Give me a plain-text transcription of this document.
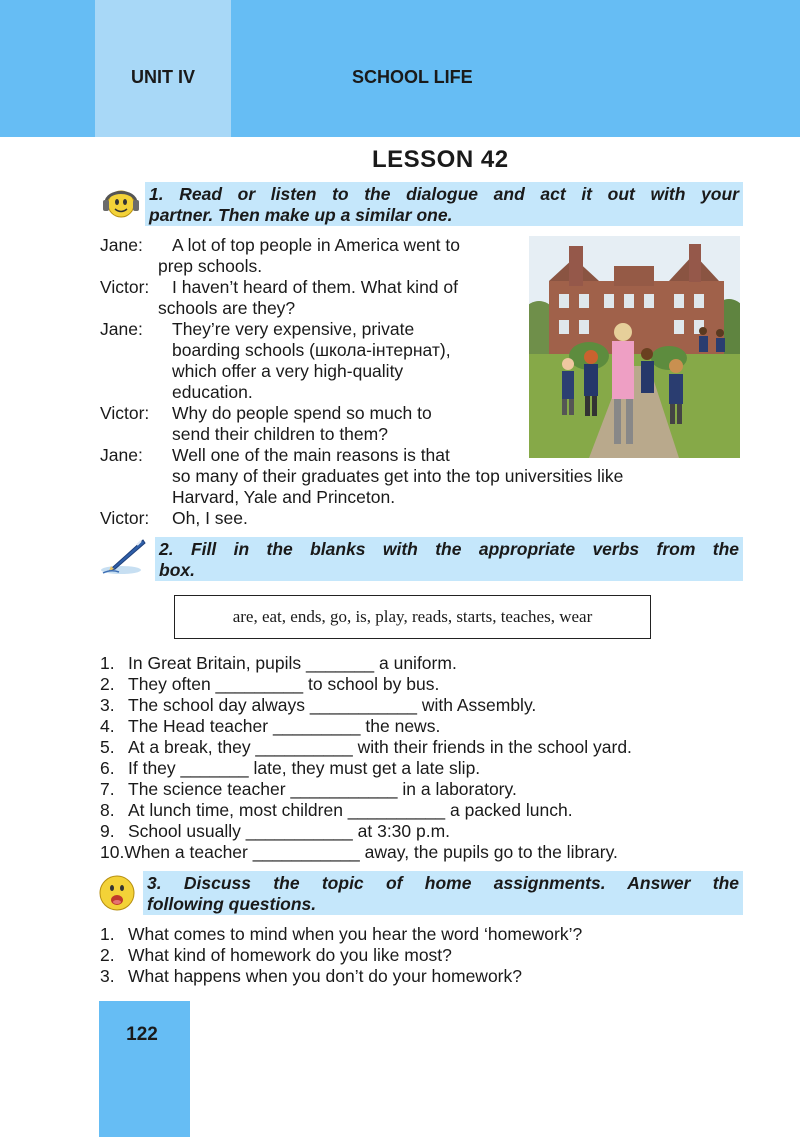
UNIT IV	SCHOOL LIFE
LESSON 42
1. Read or listen to the dialogue and act it out with your
partner. Then make up a similar one.
Jane: A lot of top people in America went to
prep schools.
Victor: I haven’t heard of them. What kind of
schools are they?
Jane: They’re very expensive, private
boarding schools (школа-інтернат),
which offer a very high-quality
education.
Victor: Why do people spend so much to
send their children to them?
Jane: Well one of the main reasons is that
so many of their graduates get into the top universities like
Harvard, Yale and Princeton.
Victor: Oh, I see.
2. Fill in the blanks with the appropriate verbs from the
box.
are, eat, ends, go, is, play, reads, starts, teaches, wear
1. In Great Britain, pupils _______ a uniform.
2. They often _________ to school by bus.
3. The school day always ___________ with Assembly.
4. The Head teacher _________ the news.
5. At a break, they __________ with their friends in the school yard.
6. If they _______ late, they must get a late slip.
7. The science teacher ___________ in a laboratory.
8. At lunch time, most children __________ a packed lunch.
9. School usually ___________ at 3:30 p.m.
10.When a teacher ___________ away, the pupils go to the library.
3. Discuss the topic of home assignments. Answer the
following questions.
1. What comes to mind when you hear the word ‘homework’?
2. What kind of homework do you like most?
3. What happens when you don’t do your homework?
122
